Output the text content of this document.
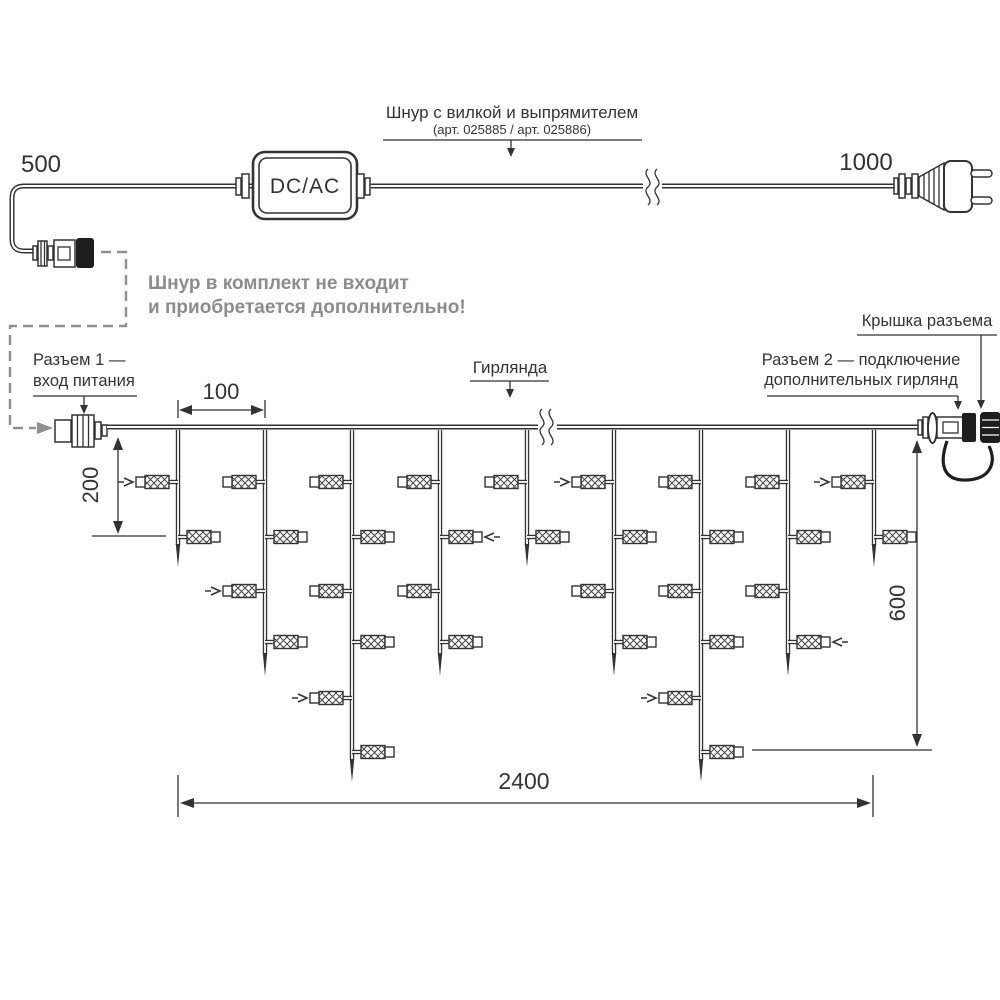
DC/AC
Шнур с вилкой и выпрямителем
(арт. 025885 / арт. 025886)
500	1000
Шнур в комплект не входит
и приобретается дополнительно!
Разъем 1 —
вход питания
Гирлянда	Разъем 2 — подключение
дополнительных гирлянд
Крышка разъема
100
200
600
2400
